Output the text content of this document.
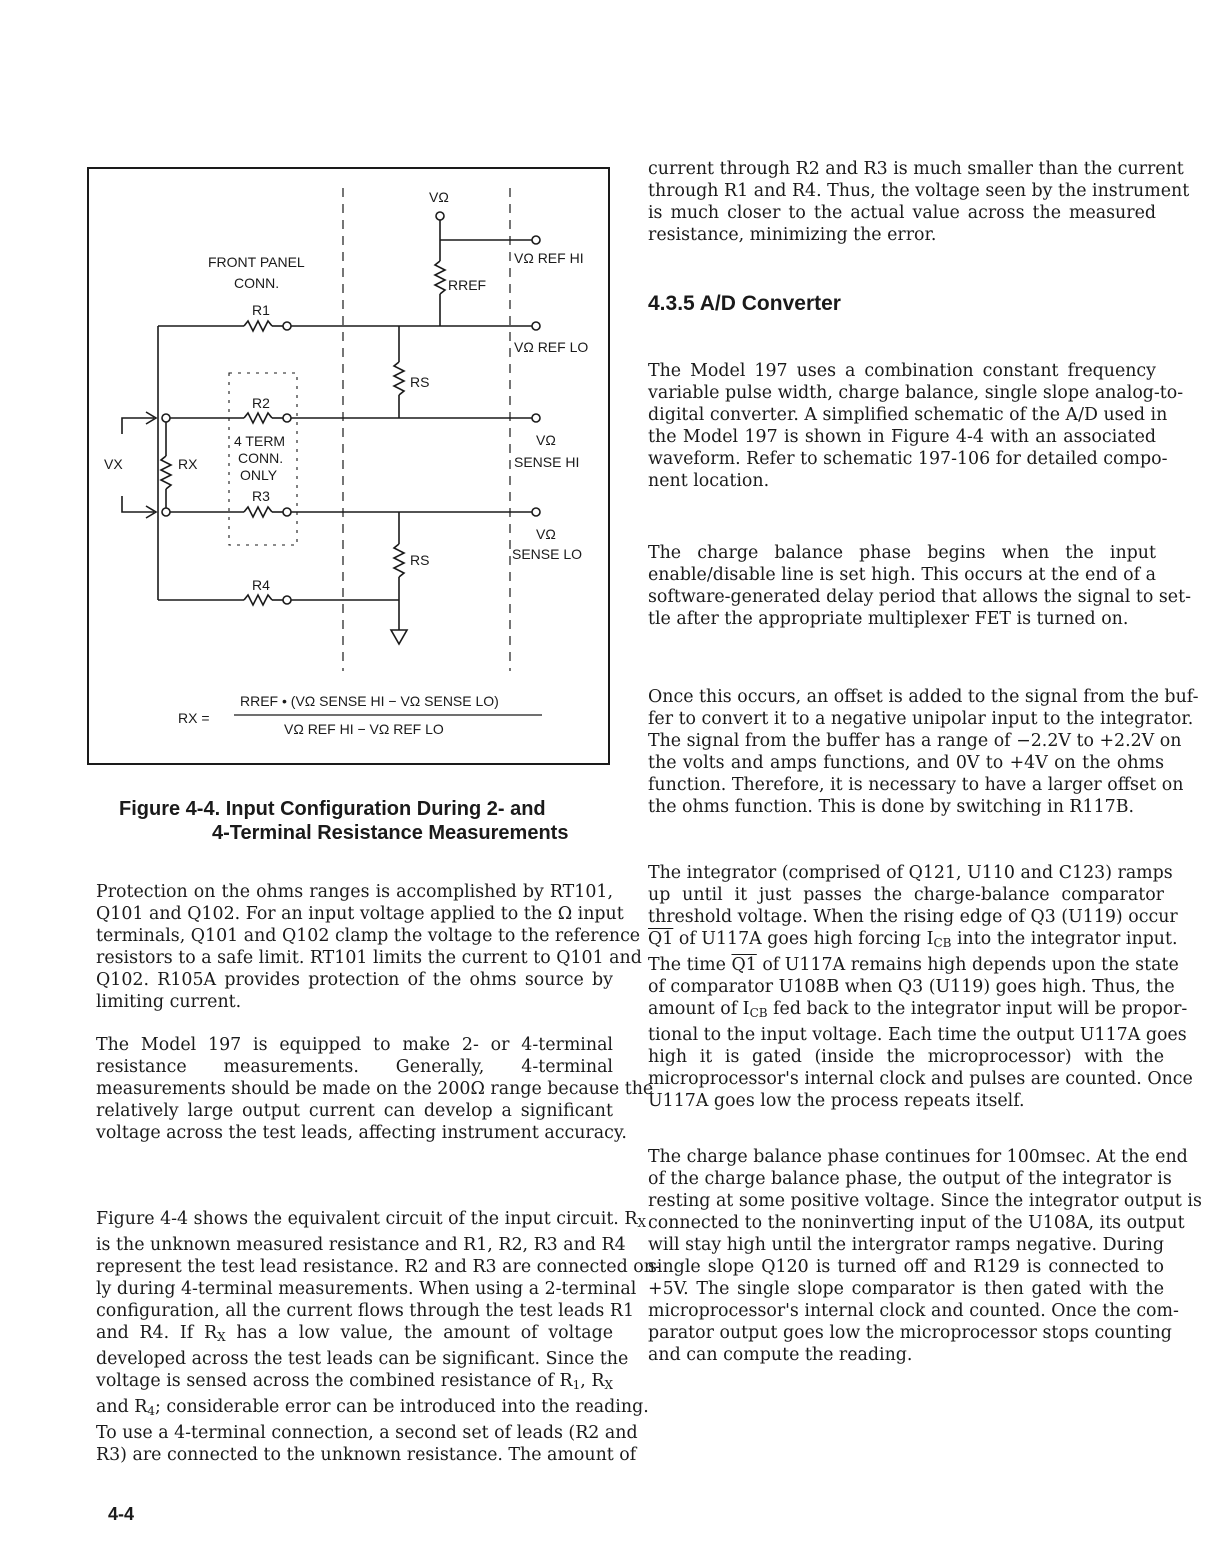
FRONT PANEL
CONN.
VΩ
VΩ REF HI
RREF
R1
VΩ REF LO
RS
R2
VX	RX
4 TERM
CONN.
ONLY
VΩ
SENSE HI
R3
VΩ
SENSE LO
RS
R4
RX =
RREF • (VΩ SENSE HI − VΩ SENSE LO)
VΩ REF HI − VΩ REF LO

Figure 4-4. Input Configuration During 2- and

4-Terminal Resistance Measurements

Protection on the ohms ranges is accomplished by RT101,
Q101 and Q102. For an input voltage applied to the Ω input
terminals, Q101 and Q102 clamp the voltage to the reference
resistors to a safe limit. RT101 limits the current to Q101 and
Q102. R105A provides protection of the ohms source by
limiting current.
The Model 197 is equipped to make 2- or 4-terminal
resistance measurements. Generally, 4-terminal
measurements should be made on the 200Ω range because the
relatively large output current can develop a significant
voltage across the test leads, affecting instrument accuracy.
Figure 4-4 shows the equivalent circuit of the input circuit. $R_X$
is the unknown measured resistance and R1, R2, R3 and R4
represent the test lead resistance. R2 and R3 are connected on-
ly during 4-terminal measurements. When using a 2-terminal
configuration, all the current flows through the test leads R1
and R4. If $R_X$ has a low value, the amount of voltage
developed across the test leads can be significant. Since the
voltage is sensed across the combined resistance of $R_1$, $R_X$
and $R_4$; considerable error can be introduced into the reading.
To use a 4-terminal connection, a second set of leads (R2 and
R3) are connected to the unknown resistance. The amount of
current through R2 and R3 is much smaller than the current
through R1 and R4. Thus, the voltage seen by the instrument
is much closer to the actual value across the measured
resistance, minimizing the error.

4.3.5 A/D Converter

The Model 197 uses a combination constant frequency
variable pulse width, charge balance, single slope analog-to-
digital converter. A simplified schematic of the A/D used in
the Model 197 is shown in Figure 4-4 with an associated
waveform. Refer to schematic 197-106 for detailed compo-
nent location.
The charge balance phase begins when the input
enable/disable line is set high. This occurs at the end of a
software-generated delay period that allows the signal to set-
tle after the appropriate multiplexer FET is turned on.
Once this occurs, an offset is added to the signal from the buf-
fer to convert it to a negative unipolar input to the integrator.
The signal from the buffer has a range of −2.2V to +2.2V on
the volts and amps functions, and 0V to +4V on the ohms
function. Therefore, it is necessary to have a larger offset on
the ohms function. This is done by switching in R117B.
The integrator (comprised of Q121, U110 and C123) ramps
up until it just passes the charge-balance comparator
threshold voltage. When the rising edge of Q3 (U119) occur
Q1 of U117A goes high forcing $I_{CB}$ into the integrator input.
The time Q1 of U117A remains high depends upon the state
of comparator U108B when Q3 (U119) goes high. Thus, the
amount of $I_{CB}$ fed back to the integrator input will be propor-
tional to the input voltage. Each time the output U117A goes
high it is gated (inside the microprocessor) with the
microprocessor's internal clock and pulses are counted. Once
U117A goes low the process repeats itself.
The charge balance phase continues for 100msec. At the end
of the charge balance phase, the output of the integrator is
resting at some positive voltage. Since the integrator output is
connected to the noninverting input of the U108A, its output
will stay high until the intergrator ramps negative. During
single slope Q120 is turned off and R129 is connected to
+5V. The single slope comparator is then gated with the
microprocessor's internal clock and counted. Once the com-
parator output goes low the microprocessor stops counting
and can compute the reading.
4-4
